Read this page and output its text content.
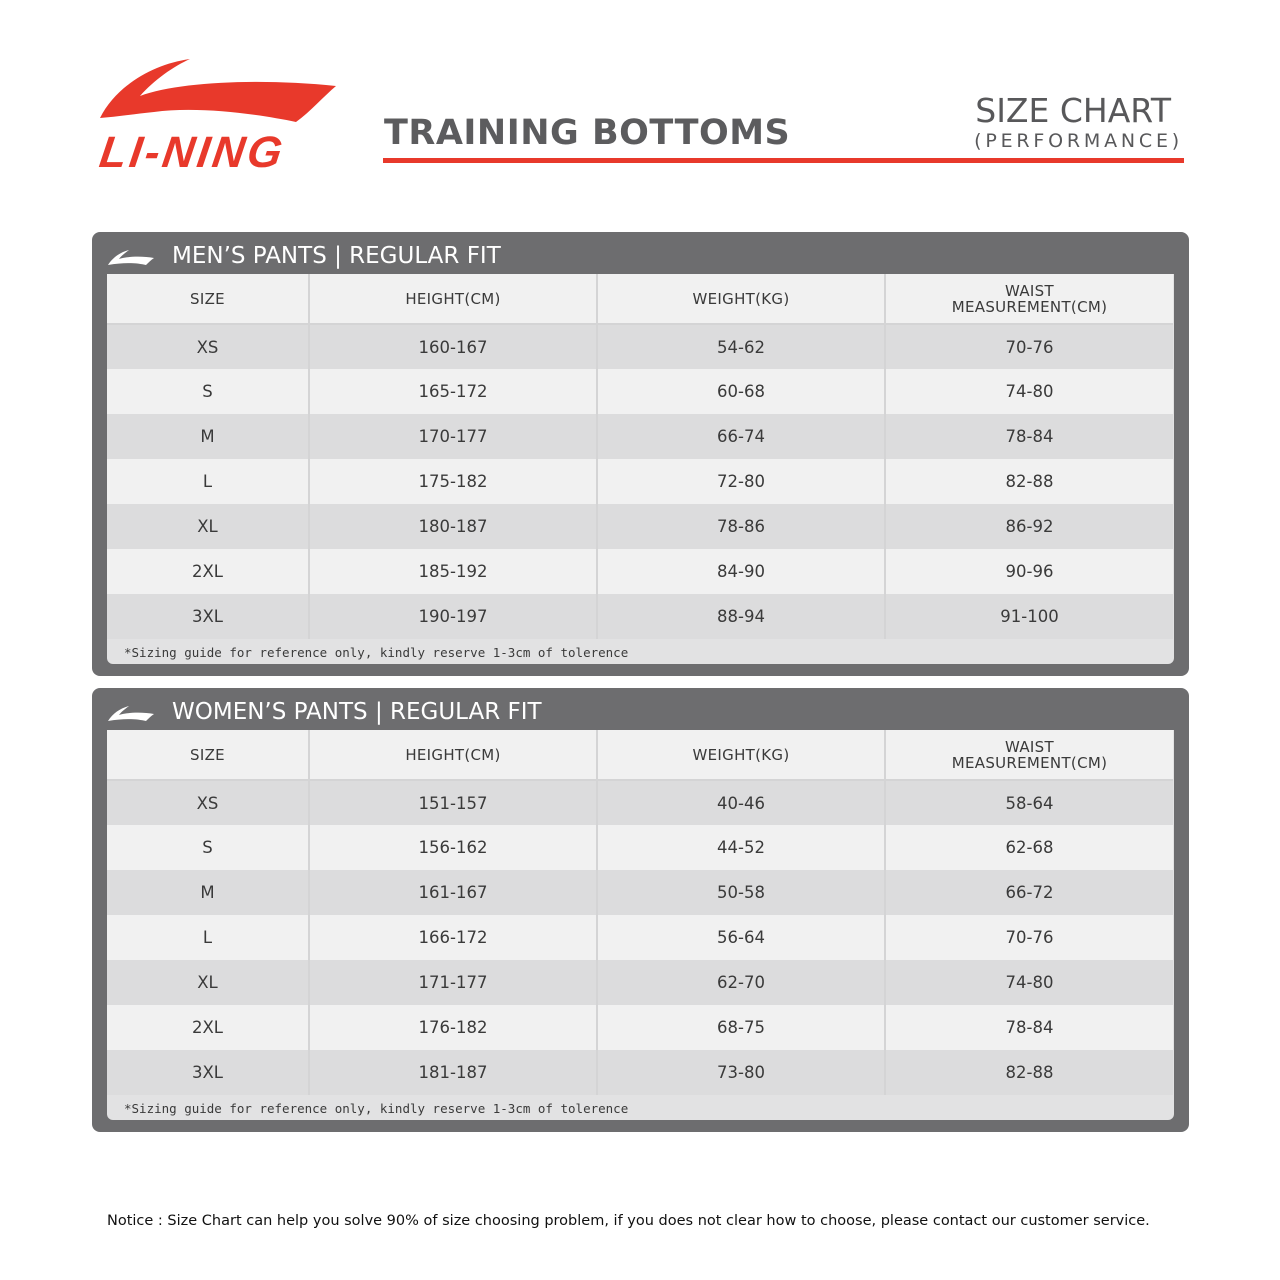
LI-NING	TRAINING BOTTOMS
SIZE CHART
(PERFORMANCE)
MEN’S PANTS | REGULAR FIT
SIZE	HEIGHT(CM)	WEIGHT(KG)	WAIST
MEASUREMENT(CM)
XS	160-167	54-62	70-76
S	165-172	60-68	74-80
M	170-177	66-74	78-84
L	175-182	72-80	82-88
XL	180-187	78-86	86-92
2XL	185-192	84-90	90-96
3XL	190-197	88-94	91-100
*Sizing guide for reference only, kindly reserve 1-3cm of tolerence
WOMEN’S PANTS | REGULAR FIT
SIZE	HEIGHT(CM)	WEIGHT(KG)	WAIST
MEASUREMENT(CM)
XS	151-157	40-46	58-64
S	156-162	44-52	62-68
M	161-167	50-58	66-72
L	166-172	56-64	70-76
XL	171-177	62-70	74-80
2XL	176-182	68-75	78-84
3XL	181-187	73-80	82-88
*Sizing guide for reference only, kindly reserve 1-3cm of tolerence
Notice : Size Chart can help you solve 90% of size choosing problem, if you does not clear how to choose, please contact our customer service.
